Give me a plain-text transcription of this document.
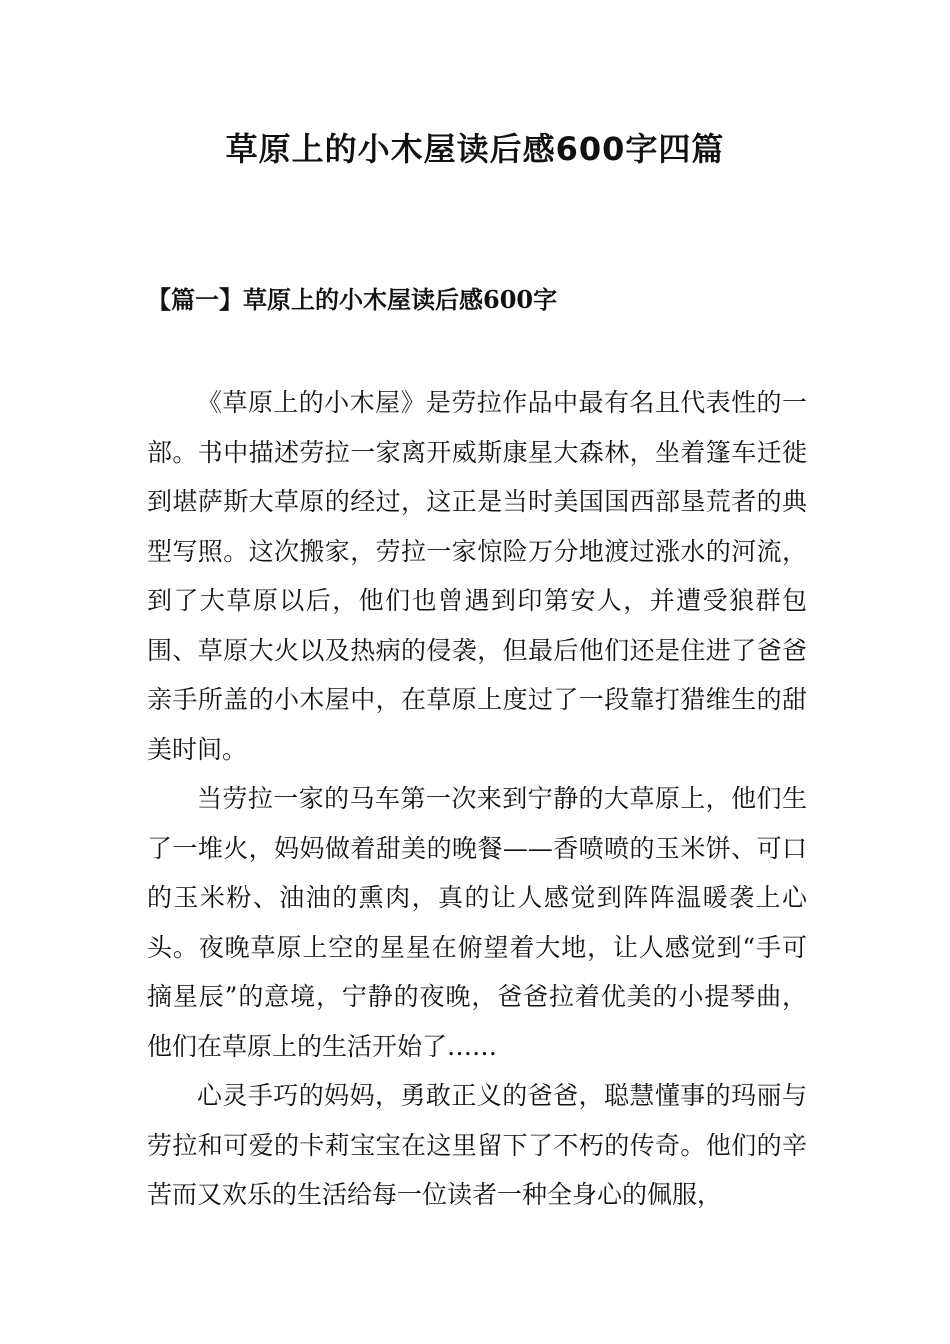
草原上的小木屋读后感600字四篇
【篇一】草原上的小木屋读后感600字

《草原上的小木屋》是劳拉作品中最有名且代表性的一部。书中描述劳拉一家离开威斯康星大森林，坐着篷车迁徙到堪萨斯大草原的经过，这正是当时美国国西部垦荒者的典型写照。这次搬家，劳拉一家惊险万分地渡过涨水的河流，到了大草原以后，他们也曾遇到印第安人，并遭受狼群包围、草原大火以及热病的侵袭，但最后他们还是住进了爸爸亲手所盖的小木屋中，在草原上度过了一段靠打猎维生的甜美时间。

当劳拉一家的马车第一次来到宁静的大草原上，他们生了一堆火，妈妈做着甜美的晚餐——香喷喷的玉米饼、可口的玉米粉、油油的熏肉，真的让人感觉到阵阵温暖袭上心头。夜晚草原上空的星星在俯望着大地，让人感觉到“手可摘星辰”的意境，宁静的夜晚，爸爸拉着优美的小提琴曲，他们在草原上的生活开始了……

心灵手巧的妈妈，勇敢正义的爸爸，聪慧懂事的玛丽与劳拉和可爱的卡莉宝宝在这里留下了不朽的传奇。他们的辛苦而又欢乐的生活给每一位读者一种全身心的佩服，
